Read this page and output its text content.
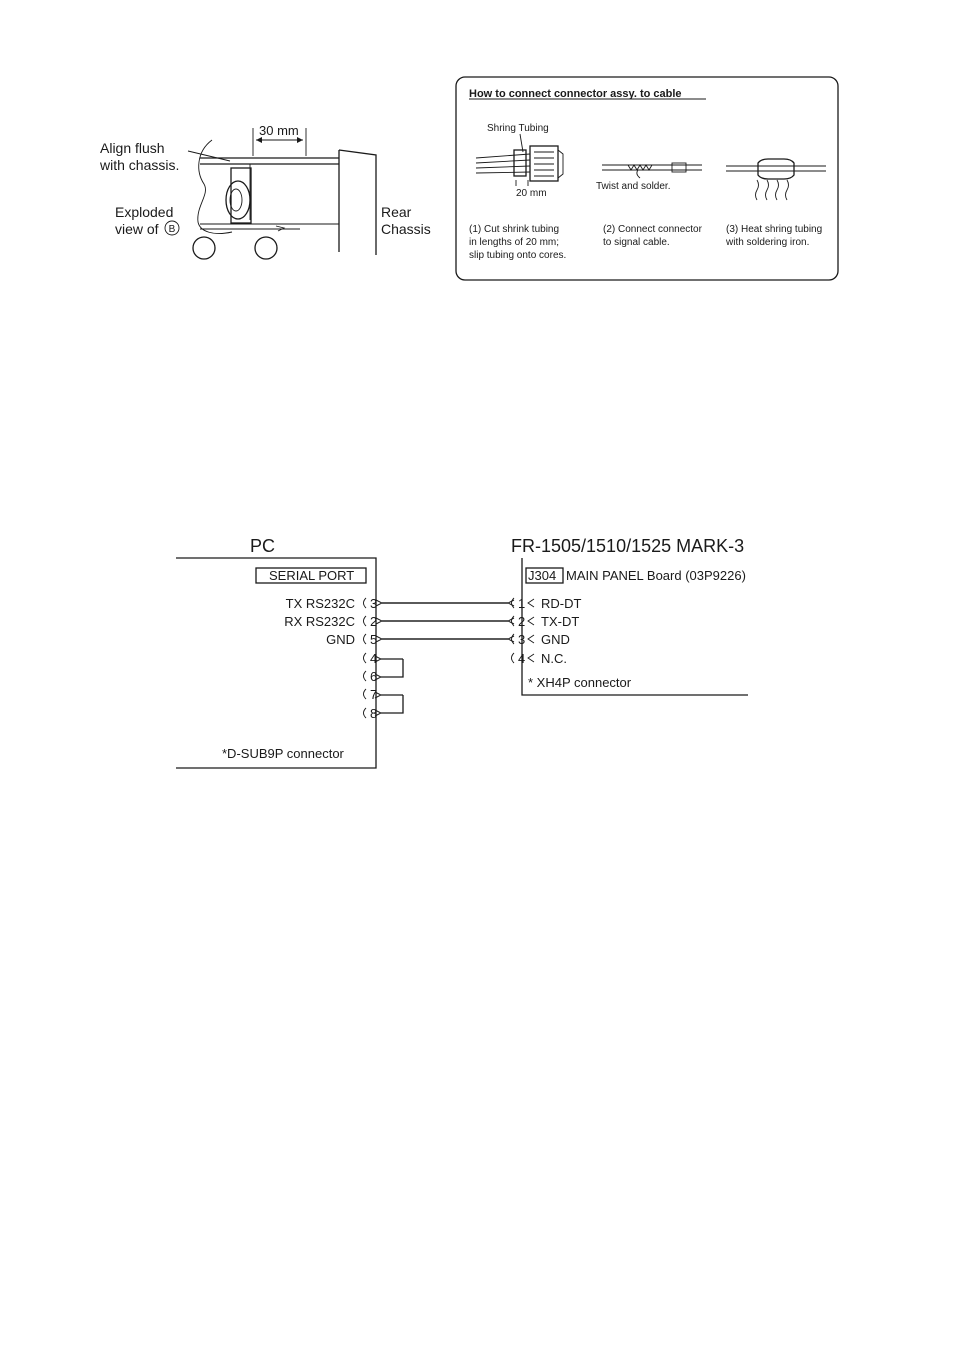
30 mm
Align flush
with chassis.
Exploded
view of B
Rear
Chassis
How to connect connector assy. to cable
Shring Tubing
20 mm
Twist and solder.
(1) Cut shrink tubing
in lengths of 20 mm;
slip tubing onto cores.
(2) Connect connector
to signal cable.
(3) Heat shring tubing
with soldering iron.
PC
SERIAL PORT
*D-SUB9P connector
TX RS232C
RX RS232C
GND
3
2
5
4
6
7
8
FR-1505/1510/1525 MARK-3
J304 MAIN PANEL Board (03P9226)
* XH4P connector
1
2
3
4
RD-DT
TX-DT
GND
N.C.
